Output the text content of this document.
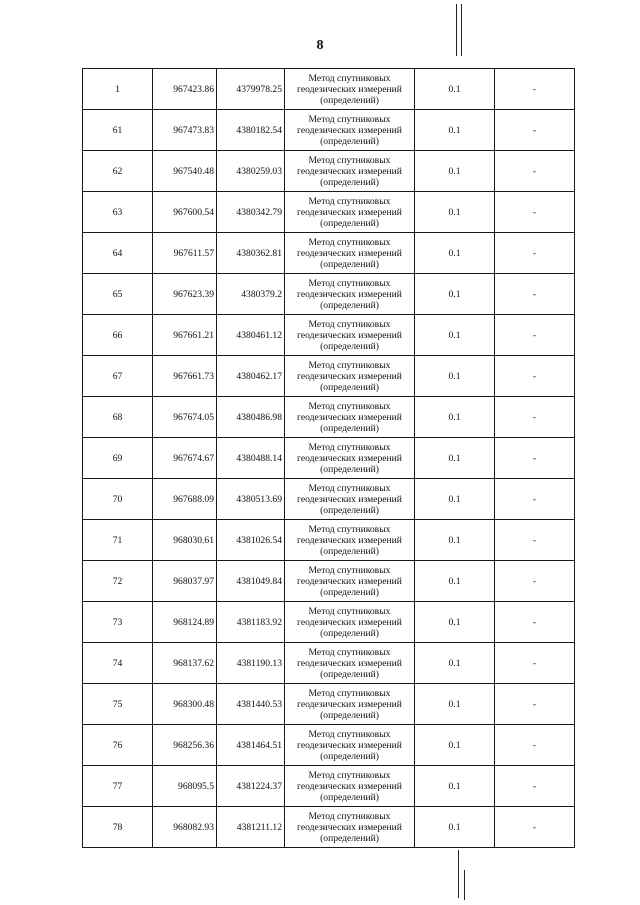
8
1	967423.86	4379978.25	Метод спутниковых геодезических измерений (определений)	0.1	-
61	967473.83	4380182.54	Метод спутниковых геодезических измерений (определений)	0.1	-
62	967540.48	4380259.03	Метод спутниковых геодезических измерений (определений)	0.1	-
63	967600.54	4380342.79	Метод спутниковых геодезических измерений (определений)	0.1	-
64	967611.57	4380362.81	Метод спутниковых геодезических измерений (определений)	0.1	-
65	967623.39	4380379.2	Метод спутниковых геодезических измерений (определений)	0.1	-
66	967661.21	4380461.12	Метод спутниковых геодезических измерений (определений)	0.1	-
67	967661.73	4380462.17	Метод спутниковых геодезических измерений (определений)	0.1	-
68	967674.05	4380486.98	Метод спутниковых геодезических измерений (определений)	0.1	-
69	967674.67	4380488.14	Метод спутниковых геодезических измерений (определений)	0.1	-
70	967688.09	4380513.69	Метод спутниковых геодезических измерений (определений)	0.1	-
71	968030.61	4381026.54	Метод спутниковых геодезических измерений (определений)	0.1	-
72	968037.97	4381049.84	Метод спутниковых геодезических измерений (определений)	0.1	-
73	968124.89	4381183.92	Метод спутниковых геодезических измерений (определений)	0.1	-
74	968137.62	4381190.13	Метод спутниковых геодезических измерений (определений)	0.1	-
75	968300.48	4381440.53	Метод спутниковых геодезических измерений (определений)	0.1	-
76	968256.36	4381464.51	Метод спутниковых геодезических измерений (определений)	0.1	-
77	968095.5	4381224.37	Метод спутниковых геодезических измерений (определений)	0.1	-
78	968082.93	4381211.12	Метод спутниковых геодезических измерений (определений)	0.1	-
